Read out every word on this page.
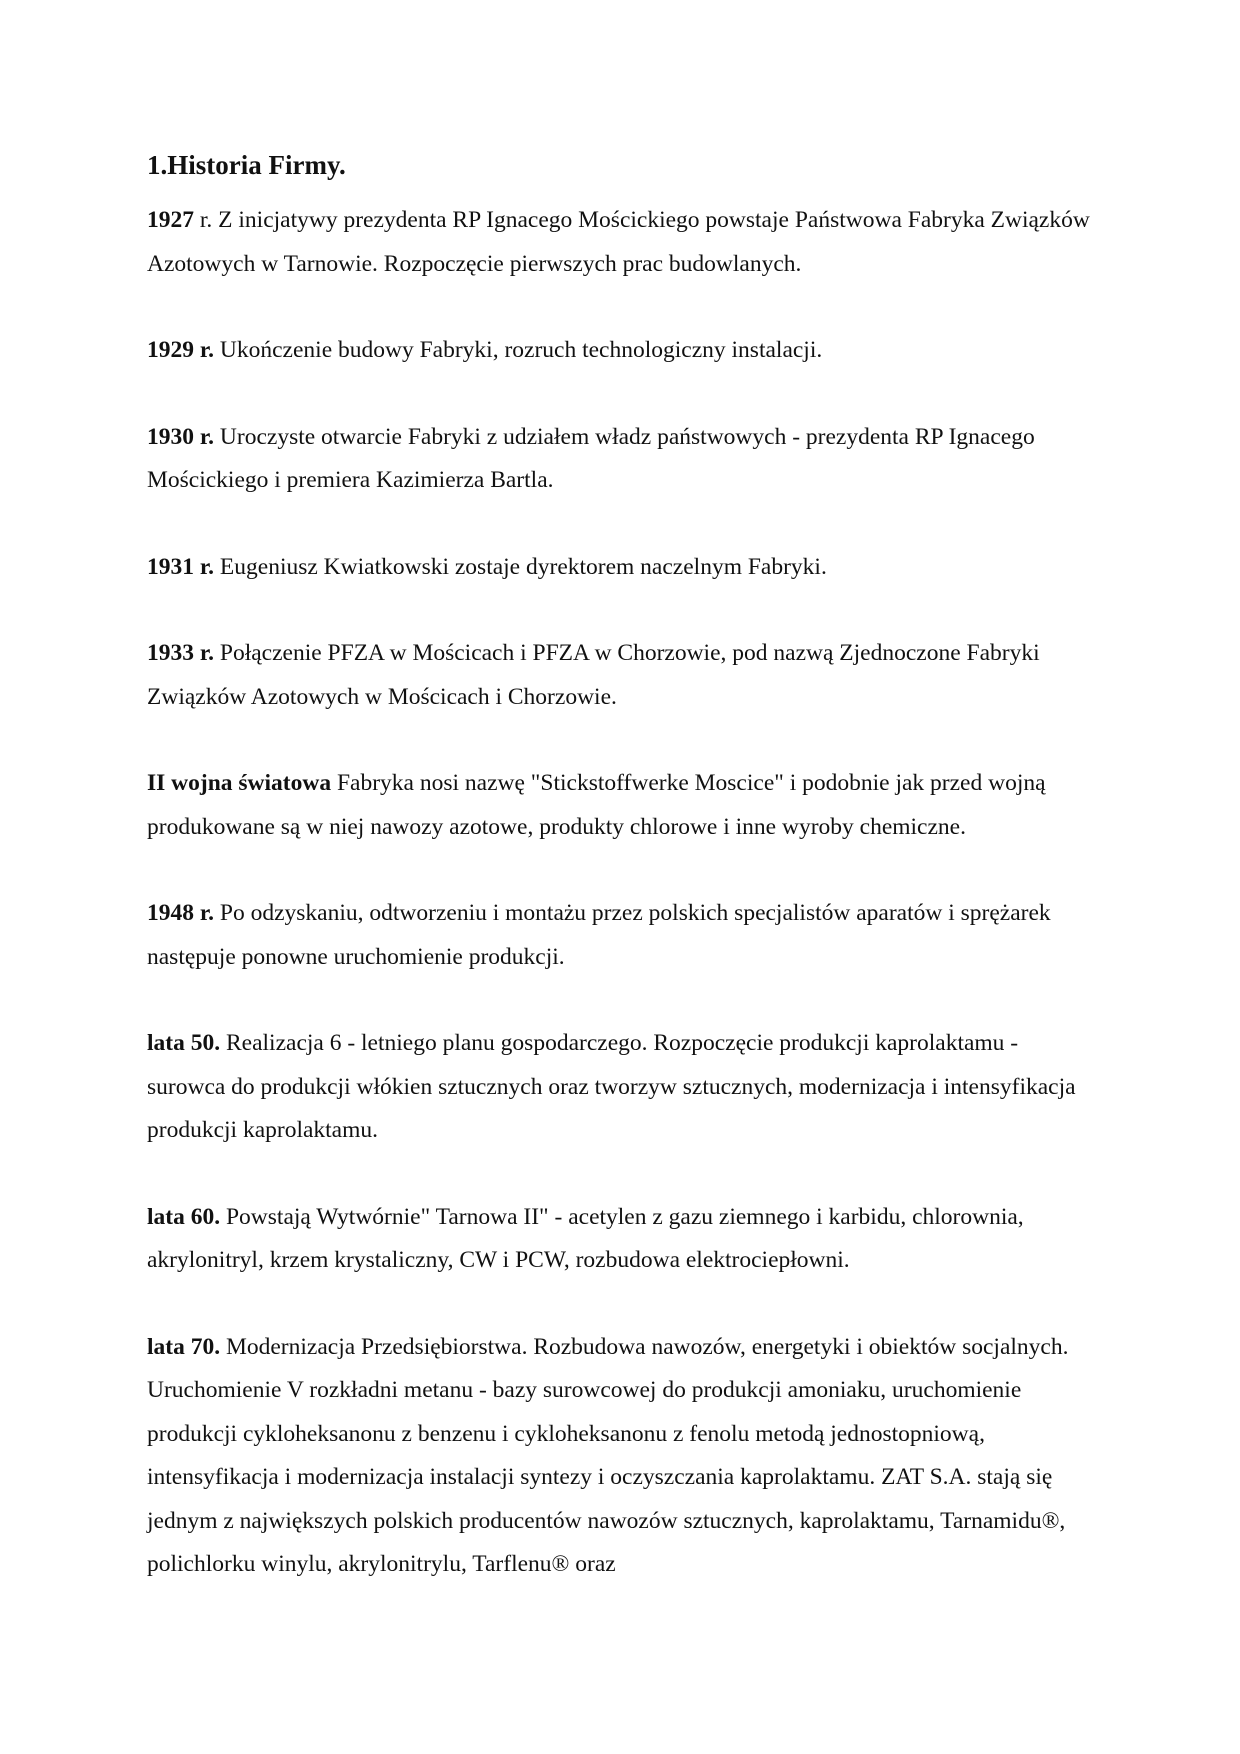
1.Historia Firmy.

1927 r. Z inicjatywy prezydenta RP Ignacego Mościckiego powstaje Państwowa Fabryka Związków Azotowych w Tarnowie. Rozpoczęcie pierwszych prac budowlanych.

1929 r. Ukończenie budowy Fabryki, rozruch technologiczny instalacji.

1930 r. Uroczyste otwarcie Fabryki z udziałem władz państwowych - prezydenta RP Ignacego Mościckiego i premiera Kazimierza Bartla.

1931 r. Eugeniusz Kwiatkowski zostaje dyrektorem naczelnym Fabryki.

1933 r. Połączenie PFZA w Mościcach i PFZA w Chorzowie, pod nazwą Zjednoczone Fabryki Związków Azotowych w Mościcach i Chorzowie.

II wojna światowa Fabryka nosi nazwę "Stickstoffwerke Moscice" i podobnie jak przed wojną produkowane są w niej nawozy azotowe, produkty chlorowe i inne wyroby chemiczne.

1948 r. Po odzyskaniu, odtworzeniu i montażu przez polskich specjalistów aparatów i sprężarek następuje ponowne uruchomienie produkcji.

lata 50. Realizacja 6 - letniego planu gospodarczego. Rozpoczęcie produkcji kaprolaktamu - surowca do produkcji włókien sztucznych oraz tworzyw sztucznych, modernizacja i intensyfikacja produkcji kaprolaktamu.

lata 60. Powstają Wytwórnie" Tarnowa II" - acetylen z gazu ziemnego i karbidu, chlorownia, akrylonitryl, krzem krystaliczny, CW i PCW, rozbudowa elektrociepłowni.

lata 70. Modernizacja Przedsiębiorstwa. Rozbudowa nawozów, energetyki i obiektów socjalnych. Uruchomienie V rozkładni metanu - bazy surowcowej do produkcji amoniaku, uruchomienie produkcji cykloheksanonu z benzenu i cykloheksanonu z fenolu metodą jednostopniową, intensyfikacja i modernizacja instalacji syntezy i oczyszczania kaprolaktamu. ZAT S.A. stają się jednym z największych polskich producentów nawozów sztucznych, kaprolaktamu, Tarnamidu®, polichlorku winylu, akrylonitrylu, Tarflenu® oraz
